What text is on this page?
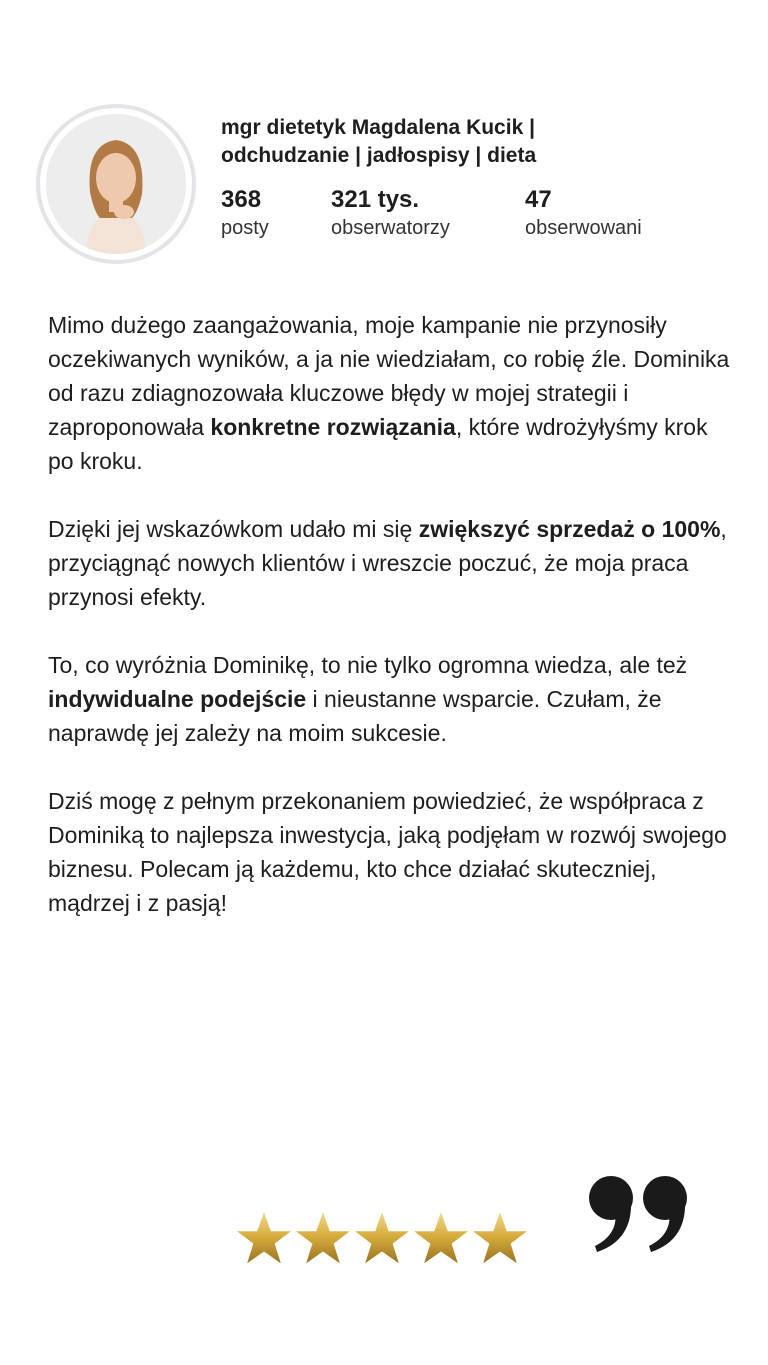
mgr dietetyk Magdalena Kucik |
odchudzanie | jadłospisy | dieta
368
posty
321 tys.
obserwatorzy
47
obserwowani

Mimo dużego zaangażowania, moje kampanie nie przynosiły oczekiwanych wyników, a ja nie wiedziałam, co robię źle. Dominika od razu zdiagnozowała kluczowe błędy w mojej strategii i zaproponowała konkretne rozwiązania, które wdrożyłyśmy krok po kroku.

Dzięki jej wskazówkom udało mi się zwiększyć sprzedaż o 100%, przyciągnąć nowych klientów i wreszcie poczuć, że moja praca przynosi efekty.

To, co wyróżnia Dominikę, to nie tylko ogromna wiedza, ale też indywidualne podejście i nieustanne wsparcie. Czułam, że naprawdę jej zależy na moim sukcesie.

Dziś mogę z pełnym przekonaniem powiedzieć, że współpraca z Dominiką to najlepsza inwestycja, jaką podjęłam w rozwój swojego biznesu. Polecam ją każdemu, kto chce działać skuteczniej, mądrzej i z pasją!
